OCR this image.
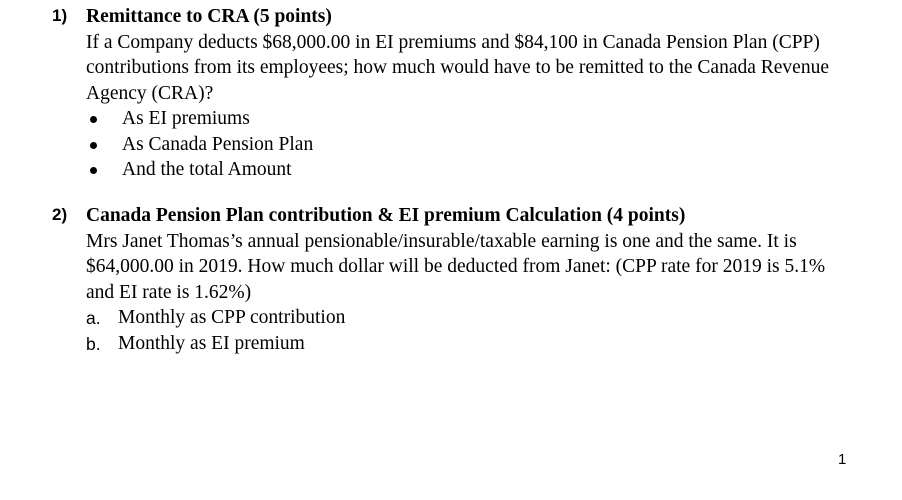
1) Remittance to CRA (5 points)
If a Company deducts $68,000.00 in EI premiums and $84,100 in Canada Pension Plan (CPP) contributions from its employees; how much would have to be remitted to the Canada Revenue Agency (CRA)?
As EI premiums
As Canada Pension Plan
And the total Amount
2) Canada Pension Plan contribution & EI premium Calculation (4 points)
Mrs Janet Thomas’s annual pensionable/insurable/taxable earning is one and the same. It is $64,000.00 in 2019. How much dollar will be deducted from Janet: (CPP rate for 2019 is 5.1% and EI rate is 1.62%)
a. Monthly as CPP contribution
b. Monthly as EI premium
1
